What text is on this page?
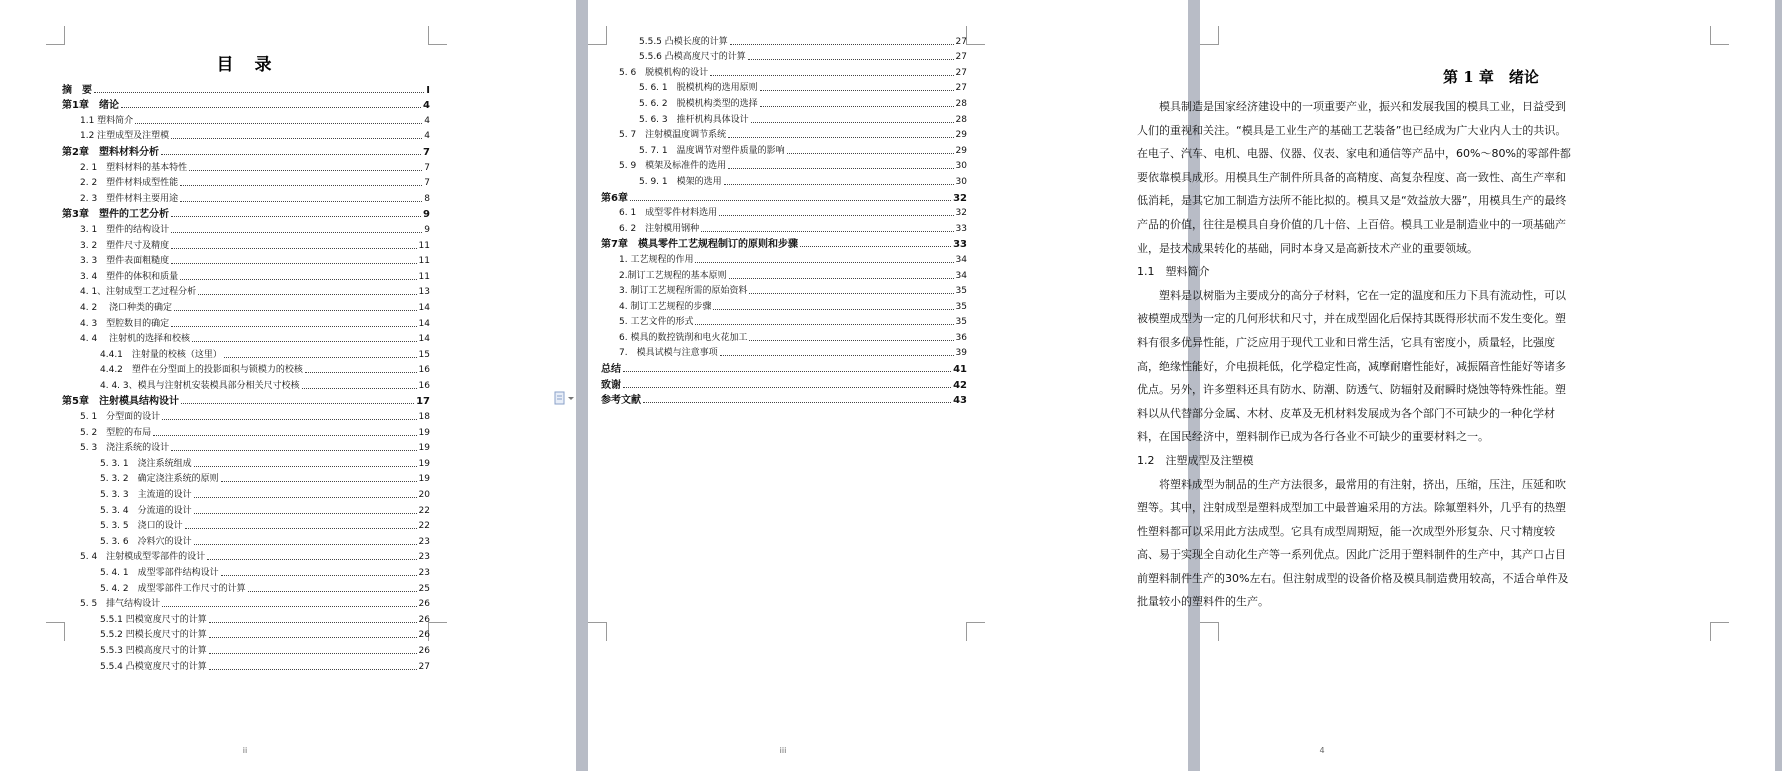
目　录
摘　要	I
第1章　绪论	4
1.1 塑料简介	4
1.2 注塑成型及注塑模	4
第2章　塑料材料分析	7
2. 1　塑料材料的基本特性	7
2. 2　塑件材料成型性能	7
2. 3　塑件材料主要用途	8
第3章　塑件的工艺分析	9
3. 1　塑件的结构设计	9
3. 2　塑件尺寸及精度	11
3. 3　塑件表面粗糙度	11
3. 4　塑件的体积和质量	11
4. 1、注射成型工艺过程分析	13
4. 2　 浇口种类的确定	14
4. 3　型腔数目的确定	14
4. 4　 注射机的选择和校核	14
4.4.1　注射量的校核（这里）	15
4.4.2　塑件在分型面上的投影面积与锁模力的校核	16
4. 4. 3、模具与注射机安装模具部分相关尺寸校核	16
第5章　注射模具结构设计	17
5. 1　分型面的设计	18
5. 2　型腔的布局	19
5. 3　浇注系统的设计	19
5. 3. 1　浇注系统组成	19
5. 3. 2　确定浇注系统的原则	19
5. 3. 3　主流道的设计	20
5. 3. 4　分流道的设计	22
5. 3. 5　浇口的设计	22
5. 3. 6　冷料穴的设计	23
5. 4　注射模成型零部件的设计	23
5. 4. 1　成型零部件结构设计	23
5. 4. 2　成型零部件工作尺寸的计算	25
5. 5　排气结构设计	26
5.5.1 凹模宽度尺寸的计算	26
5.5.2 凹模长度尺寸的计算	26
5.5.3 凹模高度尺寸的计算	26
5.5.4 凸模宽度尺寸的计算	27
ii
5.5.5 凸模长度的计算	27
5.5.6 凸模高度尺寸的计算	27
5. 6　脱模机构的设计	27
5. 6. 1　脱模机构的选用原则	27
5. 6. 2　脱模机构类型的选择	28
5. 6. 3　推杆机构具体设计	28
5. 7　注射模温度调节系统	29
5. 7. 1　温度调节对塑件质量的影响	29
5. 9　模架及标准件的选用	30
5. 9. 1　模架的选用	30
第6章	32
6. 1　成型零件材料选用	32
6. 2　注射模用钢种	33
第7章　模具零件工艺规程制订的原则和步骤	33
1. 工艺规程的作用	34
2.制订工艺规程的基本原则	34
3. 制订工艺规程所需的原始资料	35
4. 制订工艺规程的步骤	35
5. 工艺文件的形式	35
6. 模具的数控铣削和电火花加工	36
7.　模具试模与注意事项	39
总结	41
致谢	42
参考文献	43
iii
第 1 章　绪论

模具制造是国家经济建设中的一项重要产业，振兴和发展我国的模具工业，日益受到人们的重视和关注。“模具是工业生产的基础工艺装备”也已经成为广大业内人士的共识。在电子、汽车、电机、电器、仪器、仪表、家电和通信等产品中，60%～80%的零部件都要依靠模具成形。用模具生产制件所具备的高精度、高复杂程度、高一致性、高生产率和低消耗，是其它加工制造方法所不能比拟的。模具又是“效益放大器”，用模具生产的最终产品的价值，往往是模具自身价值的几十倍、上百倍。模具工业是制造业中的一项基础产业，是技术成果转化的基础，同时本身又是高新技术产业的重要领域。

1.1　塑料简介

塑料是以树脂为主要成分的高分子材料，它在一定的温度和压力下具有流动性，可以被模塑成型为一定的几何形状和尺寸，并在成型固化后保持其既得形状而不发生变化。塑料有很多优异性能，广泛应用于现代工业和日常生活，它具有密度小，质量轻，比强度高，绝缘性能好，介电损耗低，化学稳定性高，减摩耐磨性能好，减振隔音性能好等诸多优点。另外，许多塑料还具有防水、防潮、防透气、防辐射及耐瞬时烧蚀等特殊性能。塑料以从代替部分金属、木材、皮革及无机材料发展成为各个部门不可缺少的一种化学材料，在国民经济中，塑料制作已成为各行各业不可缺少的重要材料之一。

1.2　注塑成型及注塑模

将塑料成型为制品的生产方法很多，最常用的有注射，挤出，压缩，压注，压延和吹塑等。其中，注射成型是塑料成型加工中最普遍采用的方法。除氟塑料外，几乎有的热塑性塑料都可以采用此方法成型。它具有成型周期短，能一次成型外形复杂、尺寸精度较高、易于实现全自动化生产等一系列优点。因此广泛用于塑料制件的生产中，其产口占目前塑料制件生产的30%左右。但注射成型的设备价格及模具制造费用较高，不适合单件及批量较小的塑料件的生产。

4
